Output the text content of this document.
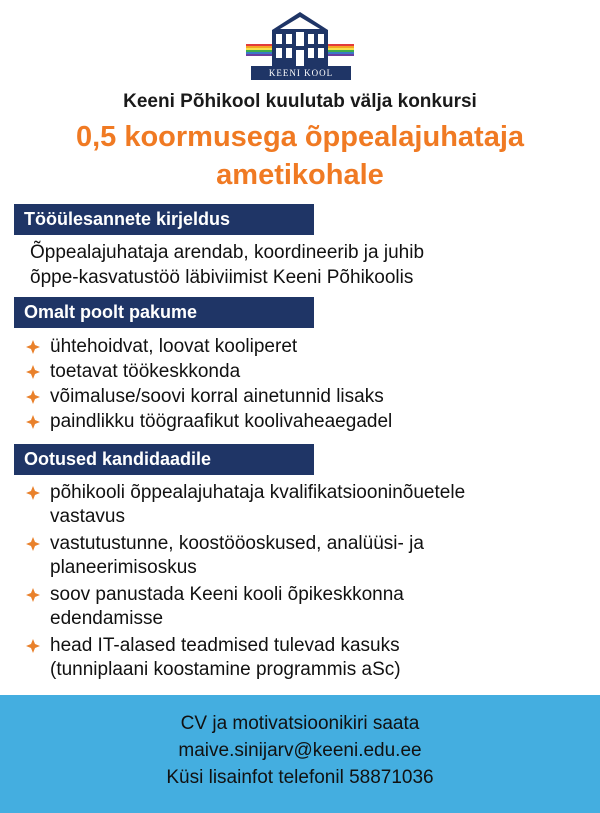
KEENI KOOL
Keeni Põhikool kuulutab välja konkursi
0,5 koormusega õppealajuhataja
ametikohale
Tööülesannete kirjeldus
Õppealajuhataja arendab, koordineerib ja juhib
õppe-kasvatustöö läbiviimist Keeni Põhikoolis
Omalt poolt pakume
ühtehoidvat, loovat kooliperet
toetavat töökeskkonda
võimaluse/soovi korral ainetunnid lisaks
paindlikku töögraafikut koolivaheaegadel
Ootused kandidaadile
põhikooli õppealajuhataja kvalifikatsiooninõuetele
vastavus
vastutustunne, koostööoskused, analüüsi- ja
planeerimisoskus
soov panustada Keeni kooli õpikeskkonna
edendamisse
head IT-alased teadmised tulevad kasuks
(tunniplaani koostamine programmis aSc)
CV ja motivatsioonikiri saata
maive.sinijarv@keeni.edu.ee
Küsi lisainfot telefonil 58871036
